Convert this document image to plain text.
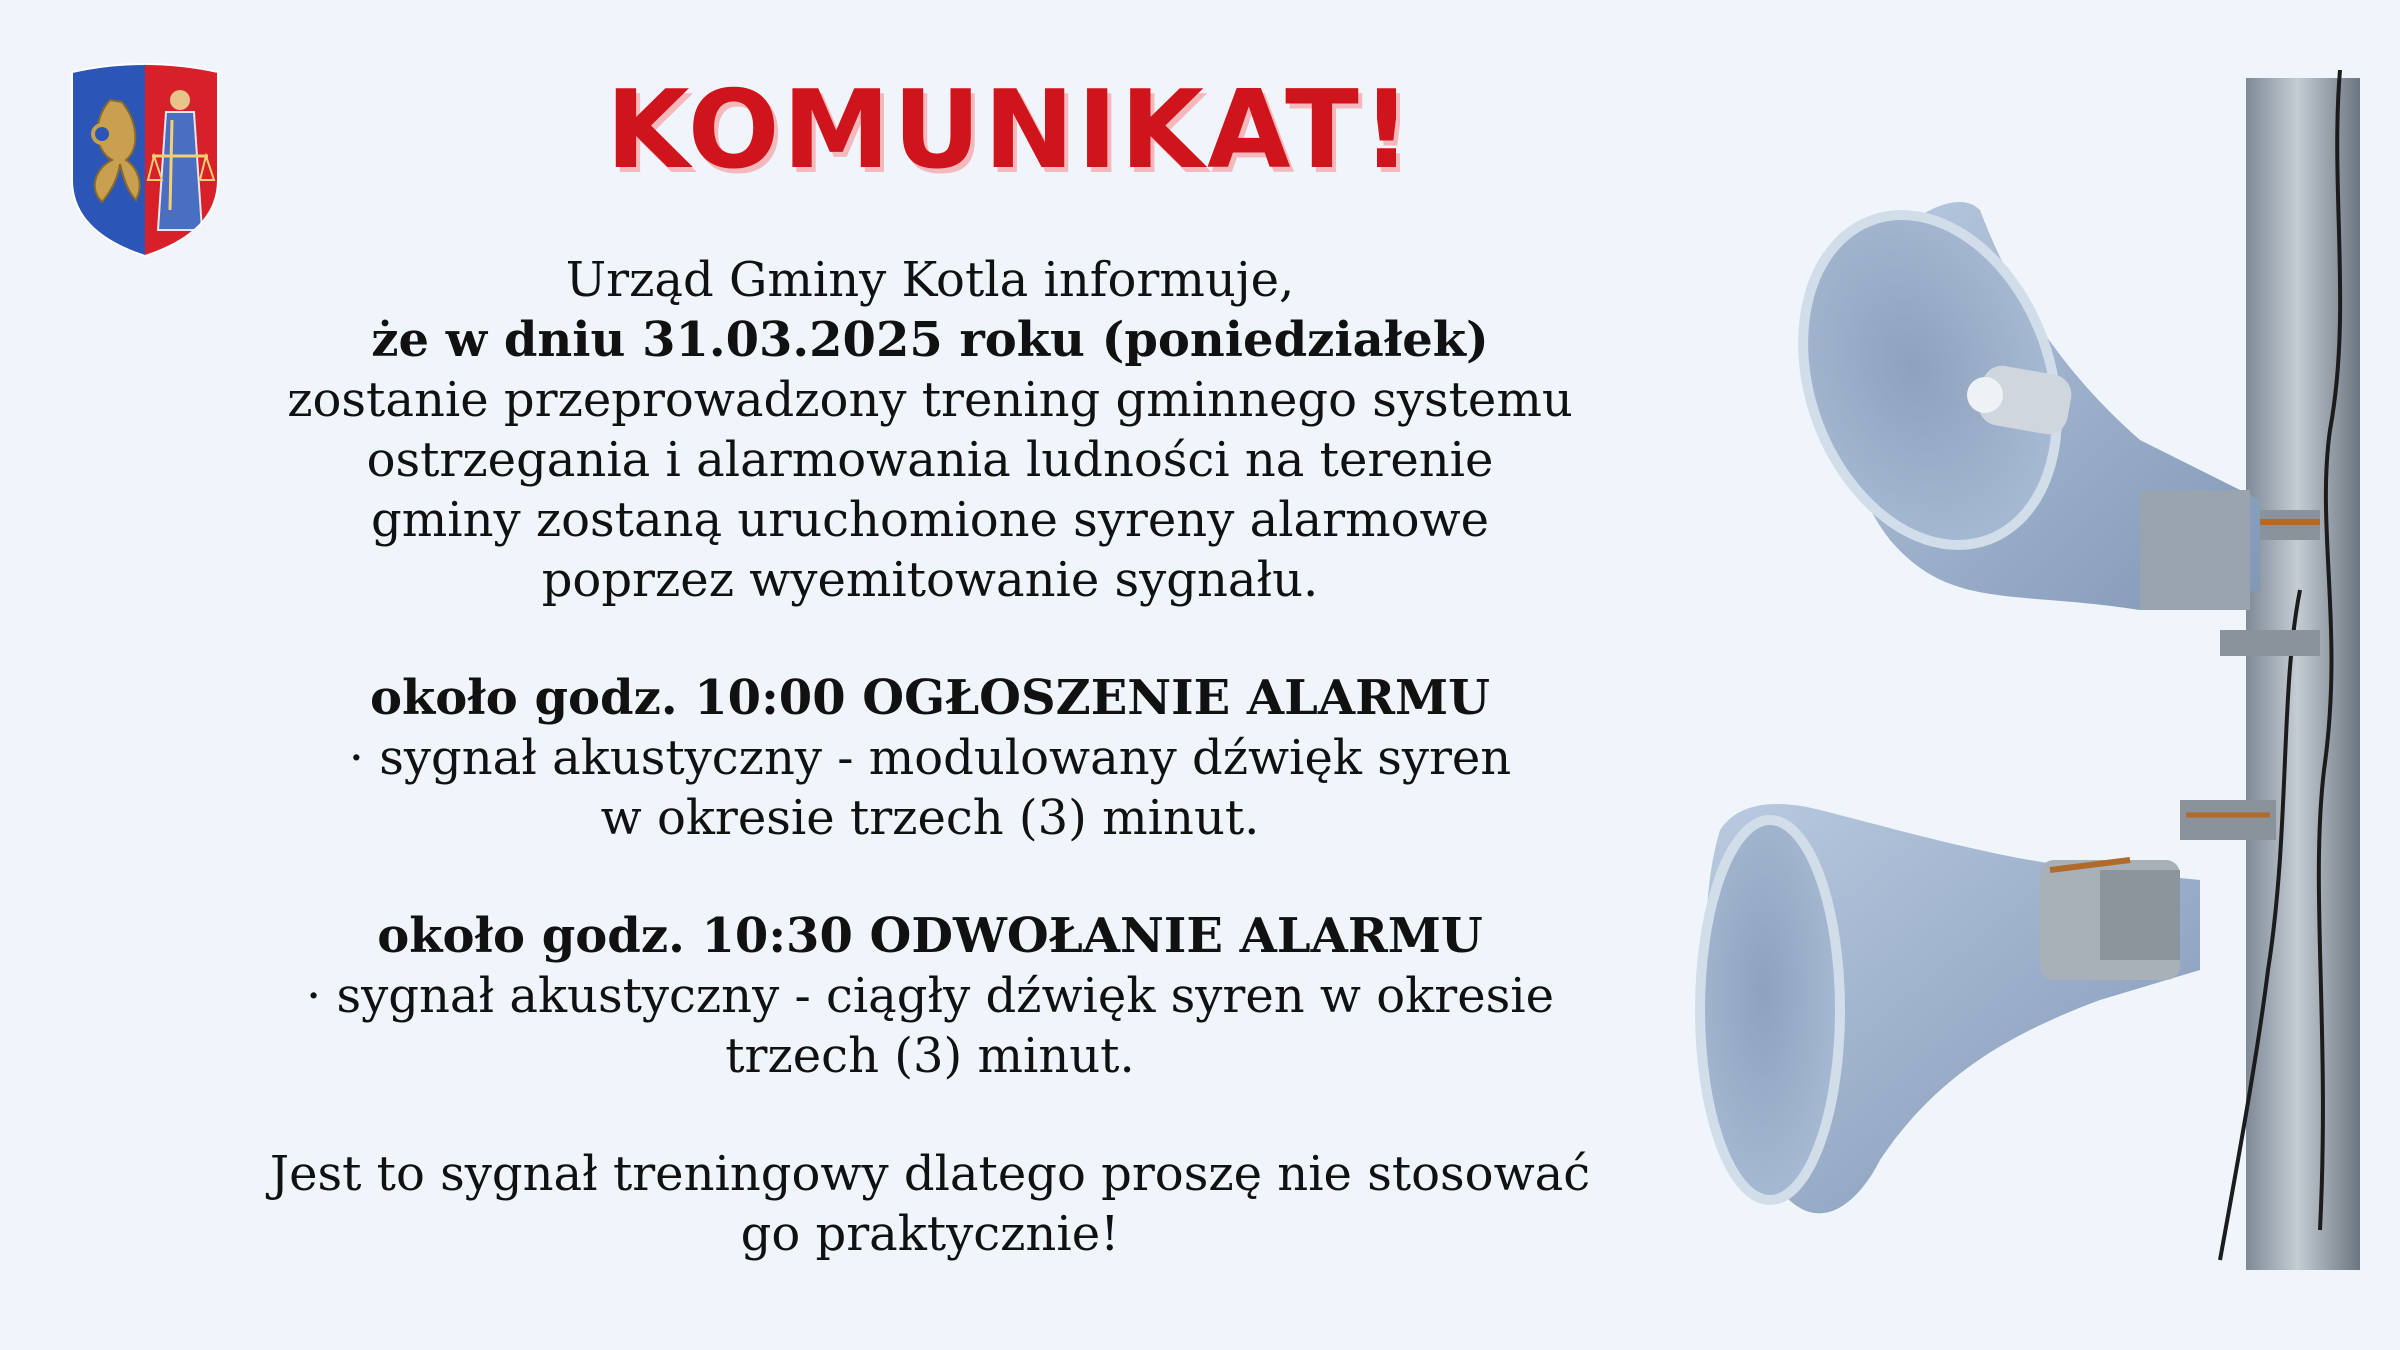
KOMUNIKAT!

Urząd Gminy Kotla informuje,

że w dniu 31.03.2025 roku (poniedziałek)

zostanie przeprowadzony trening gminnego systemu

ostrzegania i alarmowania ludności na terenie

gminy zostaną uruchomione syreny alarmowe

poprzez wyemitowanie sygnału.

około godz. 10:00 OGŁOSZENIE ALARMU

· sygnał akustyczny - modulowany dźwięk syren

w okresie trzech (3) minut.

około godz. 10:30 ODWOŁANIE ALARMU

· sygnał akustyczny - ciągły dźwięk syren w okresie

trzech (3) minut.

Jest to sygnał treningowy dlatego proszę nie stosować

go praktycznie!
